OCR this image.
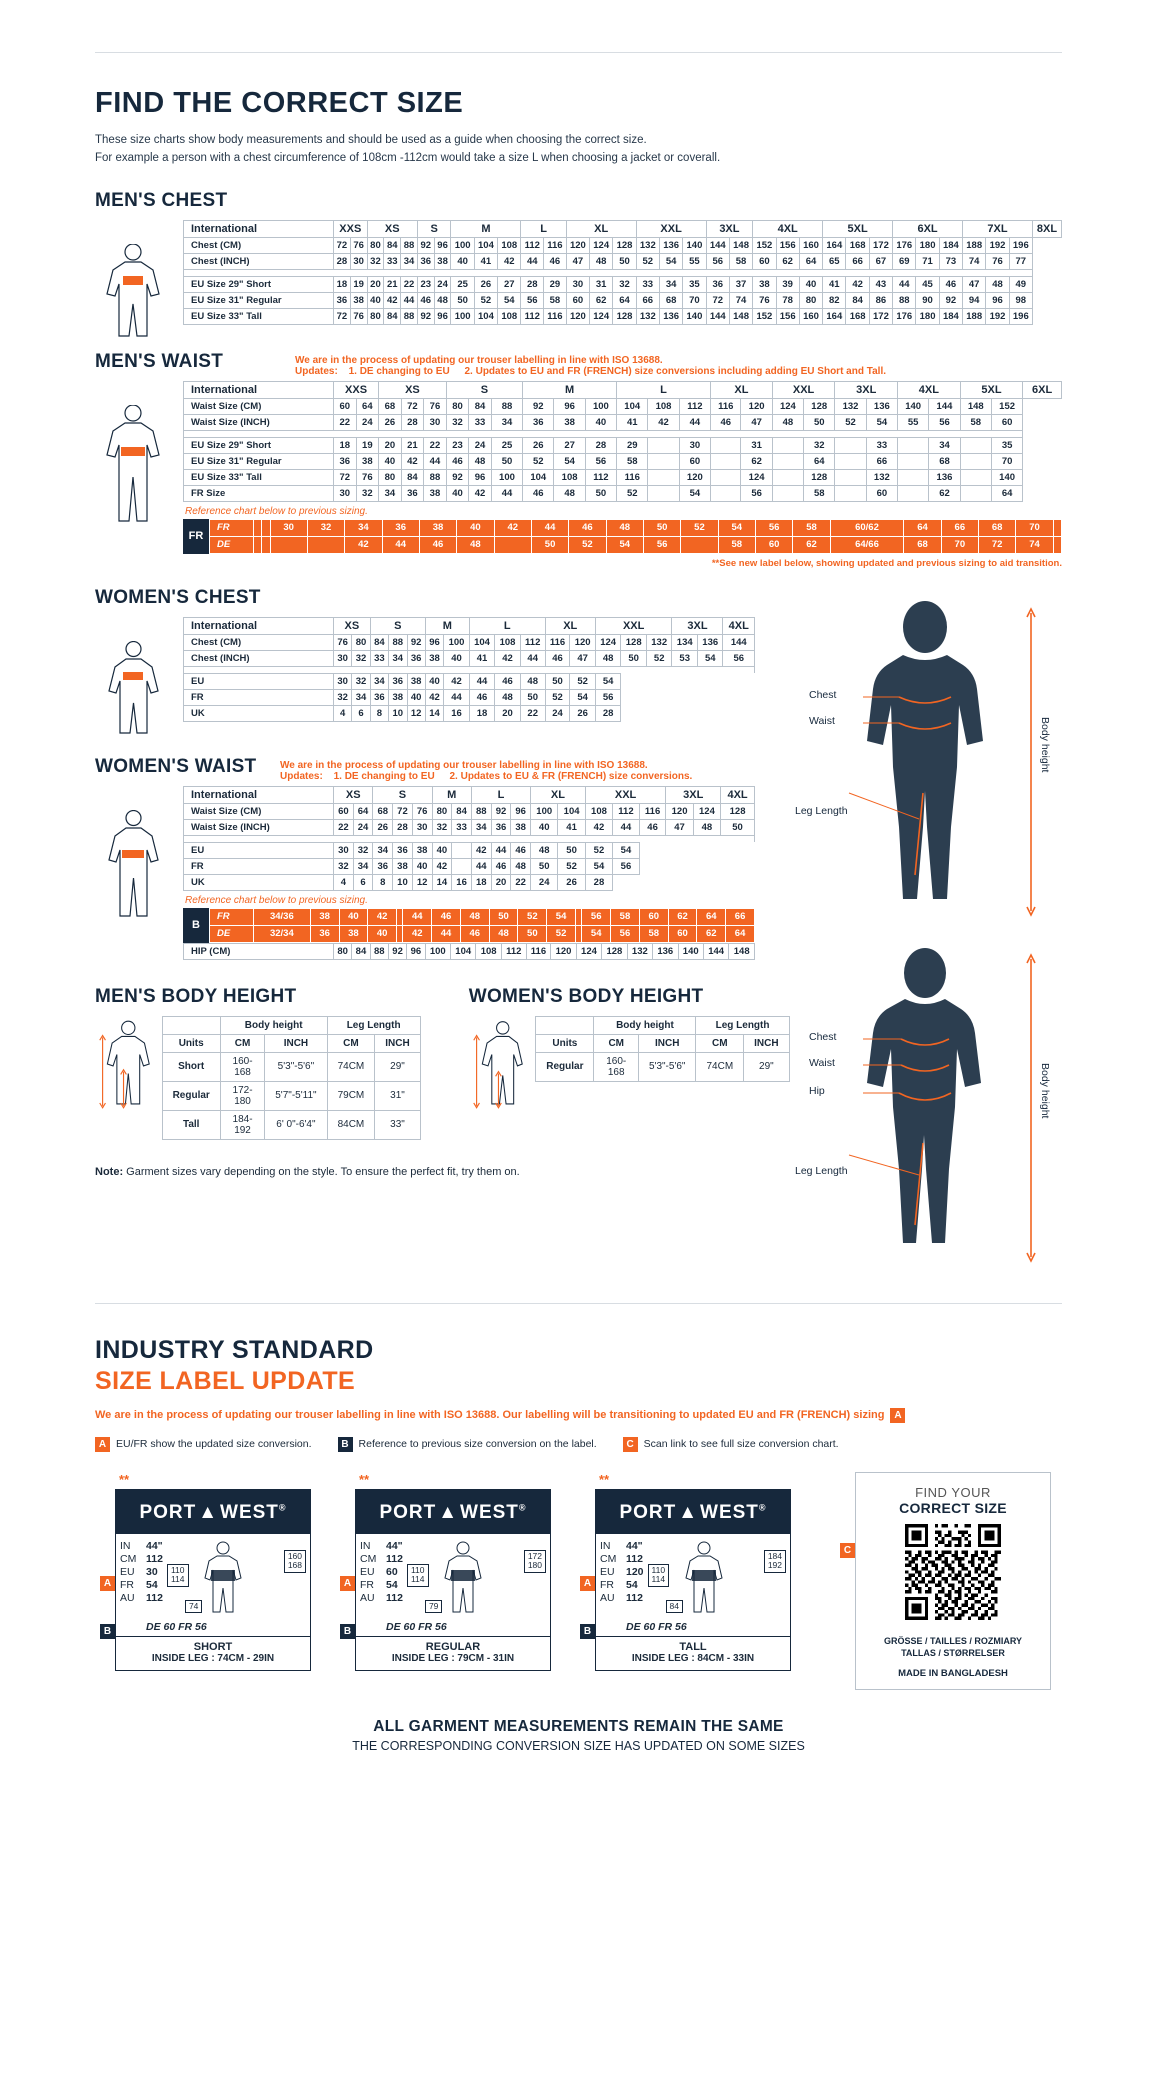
FIND THE CORRECT SIZE
These size charts show body measurements and should be used as a guide when choosing the correct size.
For example a person with a chest circumference of 108cm -112cm would take a size L when choosing a jacket or coverall.
MEN'S CHEST
International	XXS		XS			S		M			L		XL			XXL			3XL		4XL			5XL			6XL			7XL			8XL
Chest (CM)	72	76	80	84	88	92	96	100	104	108	112	116	120	124	128	132	136	140	144	148	152	156	160	164	168	172	176	180	184	188	192	196	
Chest (INCH)	28	30	32	33	34	36	38	40	41	42	44	46	47	48	50	52	54	55	56	58	60	62	64	65	66	67	69	71	73	74	76	77	

EU Size 29" Short	18	19	20	21	22	23	24	25	26	27	28	29	30	31	32	33	34	35	36	37	38	39	40	41	42	43	44	45	46	47	48	49	
EU Size 31" Regular	36	38	40	42	44	46	48	50	52	54	56	58	60	62	64	66	68	70	72	74	76	78	80	82	84	86	88	90	92	94	96	98	
EU Size 33" Tall	72	76	80	84	88	92	96	100	104	108	112	116	120	124	128	132	136	140	144	148	152	156	160	164	168	172	176	180	184	188	192	196	
MEN'S WAIST	We are in the process of updating our trouser labelling in line with ISO 13688.
Updates: 1. DE changing to EU 2. Updates to EU and FR (FRENCH) size conversions including adding EU Short and Tall.
International	XXS		XS			S			M			L			XL		XXL		3XL		4XL		5XL		6XL
Waist Size (CM)	60	64	68	72	76	80	84	88	92	96	100	104	108	112	116	120	124	128	132	136	140	144	148	152	
Waist Size (INCH)	22	24	26	28	30	32	33	34	36	38	40	41	42	44	46	47	48	50	52	54	55	56	58	60	

EU Size 29" Short	18	19	20	21	22	23	24	25	26	27	28	29		30		31		32		33		34		35	
EU Size 31" Regular	36	38	40	42	44	46	48	50	52	54	56	58		60		62		64		66		68		70	
EU Size 33" Tall	72	76	80	84	88	92	96	100	104	108	112	116		120		124		128		132		136		140	
FR Size	30	32	34	36	38	40	42	44	46	48	50	52		54		56		58		60		62		64	
Reference chart below to previous sizing.
FR
FR			30	32	34	36	38	40	42	44	46	48	50	52	54	56	58	60/62	64	66	68	70	
DE					42	44	46	48		50	52	54	56		58	60	62	64/66	68	70	72	74	
**See new label below, showing updated and previous sizing to aid transition.
WOMEN'S CHEST
International	XS		S			M		L			XL		XXL			3XL		4XL
Chest (CM)	76	80	84	88	92	96	100	104	108	112	116	120	124	128	132	134	136	144
Chest (INCH)	30	32	33	34	36	38	40	41	42	44	46	47	48	50	52	53	54	56

EU	30	32	34	36	38	40	42	44	46	48	50	52	54					
FR	32	34	36	38	40	42	44	46	48	50	52	54	56					
UK	4	6	8	10	12	14	16	18	20	22	24	26	28					
WOMEN'S WAIST We are in the process of updating our trouser labelling in line with ISO 13688.
Updates: 1. DE changing to EU 2. Updates to EU & FR (FRENCH) size conversions.
International	XS		S			M		L			XL		XXL			3XL		4XL
Waist Size (CM)	60	64	68	72	76	80	84	88	92	96	100	104	108	112	116	120	124	128
Waist Size (INCH)	22	24	26	28	30	32	33	34	36	38	40	41	42	44	46	47	48	50

EU	30	32	34	36	38	40		42	44	46	48	50	52	54				
FR	32	34	36	38	40	42		44	46	48	50	52	54	56				
UK	4	6	8	10	12	14	16	18	20	22	24	26	28					
Reference chart below to previous sizing.
B
FR	34/36	38	40	42		44	46	48	50	52	54		56	58	60	62	64	66
DE	32/34	36	38	40		42	44	46	48	50	52		54	56	58	60	62	64
HIP (CM)	80	84	88	92	96	100	104	108	112	116	120	124	128	132	136	140	144	148
MEN'S BODY HEIGHT
	Body height		Leg Length	
Units	CM	INCH	CM	INCH
Short	160-168	5'3"-5'6"	74CM	29"
Regular	172-180	5'7"-5'11"	79CM	31"
Tall	184-192	6' 0"-6'4"	84CM	33"
WOMEN'S BODY HEIGHT
	Body height		Leg Length	
Units	CM	INCH	CM	INCH
Regular	160-168	5'3"-5'6"	74CM	29"
Note: Garment sizes vary depending on the style. To ensure the perfect fit, try them on.
Chest
Waist
Leg Length
Body height
Chest
Waist
Hip
Leg Length
Body height
INDUSTRY STANDARD
SIZE LABEL UPDATE
We are in the process of updating our trouser labelling in line with ISO 13688. Our labelling will be transitioning to updated EU and FR (FRENCH) sizing A
A EU/FR show the updated size conversion.	B Reference to previous size conversion on the label.	C Scan link to see full size conversion chart.
**
PORT ▲ WEST®
IN	44"
CM 112
EU	30
FR	54
AU	112
110
114
160
168
74
DE 60 FR 56
SHORT
INSIDE LEG : 74CM - 29IN
A
B
**
PORT ▲ WEST®
IN	44"
CM 112
EU	60
FR	54
AU	112
110
114
172
180
79
DE 60 FR 56
REGULAR
INSIDE LEG : 79CM - 31IN
A
B
**
PORT ▲ WEST®
IN	44"
CM 112
EU	120
FR	54
AU	112
110
114
184
192
84
DE 60 FR 56
TALL
INSIDE LEG : 84CM - 33IN
A
B
C
FIND YOUR
CORRECT SIZE
GRÖSSE / TAILLES / ROZMIARY
TALLAS / STØRRELSER
MADE IN BANGLADESH
ALL GARMENT MEASUREMENTS REMAIN THE SAME
THE CORRESPONDING CONVERSION SIZE HAS UPDATED ON SOME SIZES
